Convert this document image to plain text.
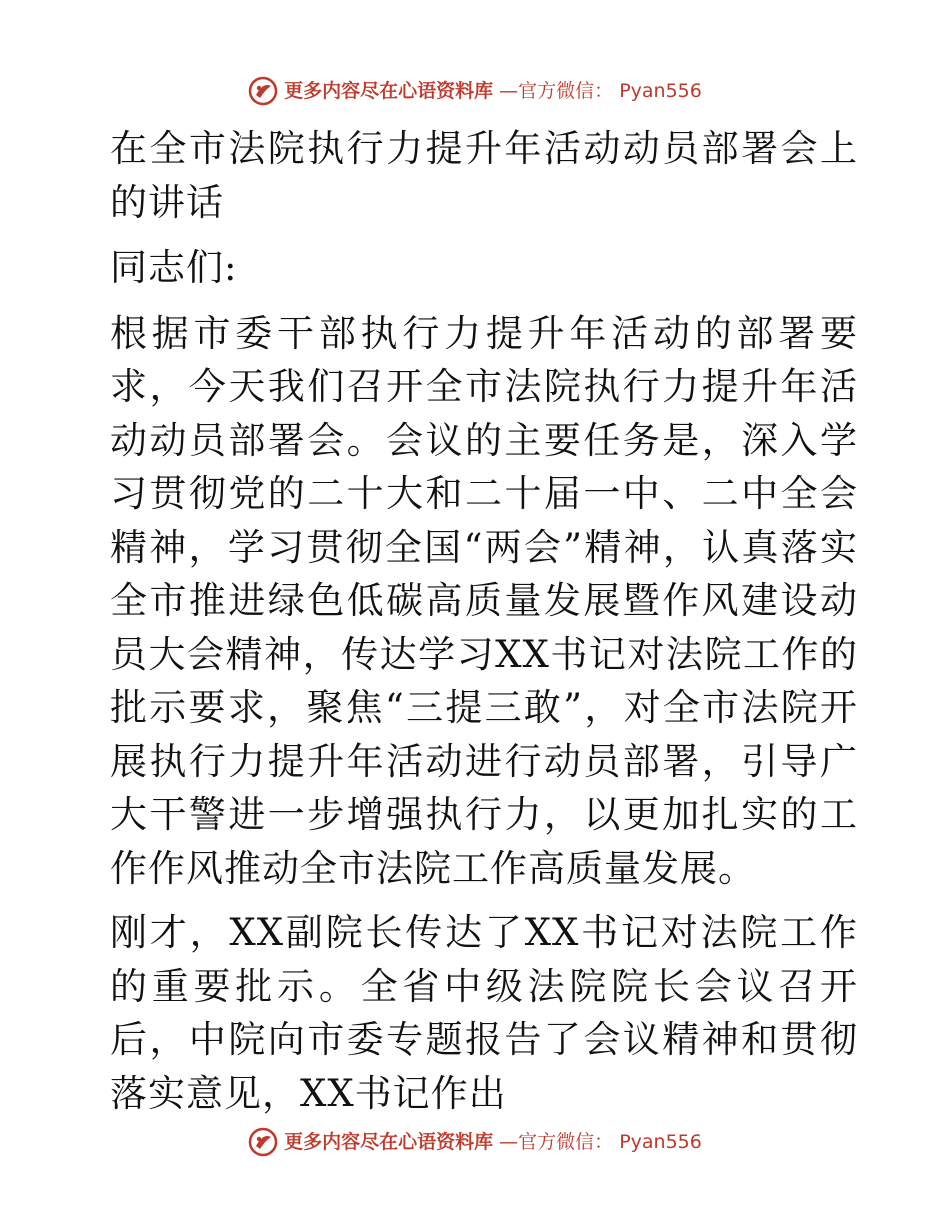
更多内容尽在心语资料库 —官方微信： Pyan556

在全市法院执行力提升年活动动员部署会上的讲话

同志们:

根据市委干部执行力提升年活动的部署要求，今天我们召开全市法院执行力提升年活动动员部署会。会议的主要任务是，深入学习贯彻党的二十大和二十届一中、二中全会精神，学习贯彻全国“两会”精神，认真落实全市推进绿色低碳高质量发展暨作风建设动员大会精神，传达学习XX书记对法院工作的批示要求，聚焦“三提三敢”，对全市法院开展执行力提升年活动进行动员部署，引导广大干警进一步增强执行力，以更加扎实的工作作风推动全市法院工作高质量发展。

刚才，XX副院长传达了XX书记对法院工作的重要批示。全省中级法院院长会议召开后，中院向市委专题报告了会议精神和贯彻落实意见，XX书记作出

更多内容尽在心语资料库 —官方微信： Pyan556
